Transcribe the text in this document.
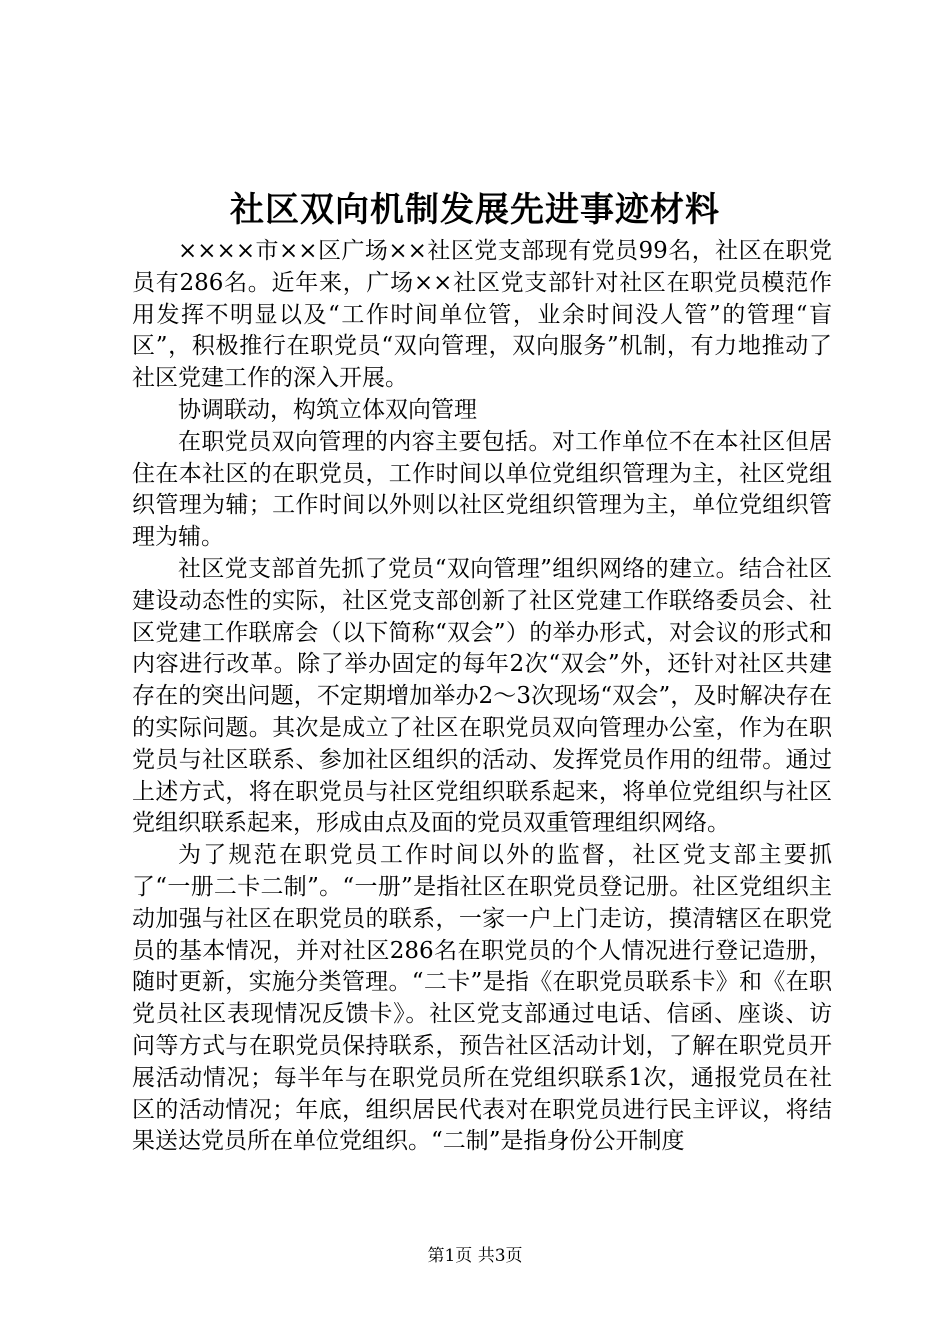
社区双向机制发展先进事迹材料

××××市××区广场××社区党支部现有党员99名，社区在职党员有286名。近年来，广场××社区党支部针对社区在职党员模范作用发挥不明显以及“工作时间单位管，业余时间没人管”的管理“盲区”，积极推行在职党员“双向管理，双向服务”机制，有力地推动了社区党建工作的深入开展。

协调联动，构筑立体双向管理

在职党员双向管理的内容主要包括。对工作单位不在本社区但居住在本社区的在职党员，工作时间以单位党组织管理为主，社区党组织管理为辅；工作时间以外则以社区党组织管理为主，单位党组织管理为辅。

社区党支部首先抓了党员“双向管理”组织网络的建立。结合社区建设动态性的实际，社区党支部创新了社区党建工作联络委员会、社区党建工作联席会（以下简称“双会”）的举办形式，对会议的形式和内容进行改革。除了举办固定的每年2次“双会”外，还针对社区共建存在的突出问题，不定期增加举办2～3次现场“双会”，及时解决存在的实际问题。其次是成立了社区在职党员双向管理办公室，作为在职党员与社区联系、参加社区组织的活动、发挥党员作用的纽带。通过上述方式，将在职党员与社区党组织联系起来，将单位党组织与社区党组织联系起来，形成由点及面的党员双重管理组织网络。

为了规范在职党员工作时间以外的监督，社区党支部主要抓了“一册二卡二制”。“一册”是指社区在职党员登记册。社区党组织主动加强与社区在职党员的联系，一家一户上门走访，摸清辖区在职党员的基本情况，并对社区286名在职党员的个人情况进行登记造册，随时更新，实施分类管理。“二卡”是指《在职党员联系卡》和《在职党员社区表现情况反馈卡》。社区党支部通过电话、信函、座谈、访问等方式与在职党员保持联系，预告社区活动计划，了解在职党员开展活动情况；每半年与在职党员所在党组织联系1次，通报党员在社区的活动情况；年底，组织居民代表对在职党员进行民主评议，将结果送达党员所在单位党组织。“二制”是指身份公开制度

第1页 共3页
